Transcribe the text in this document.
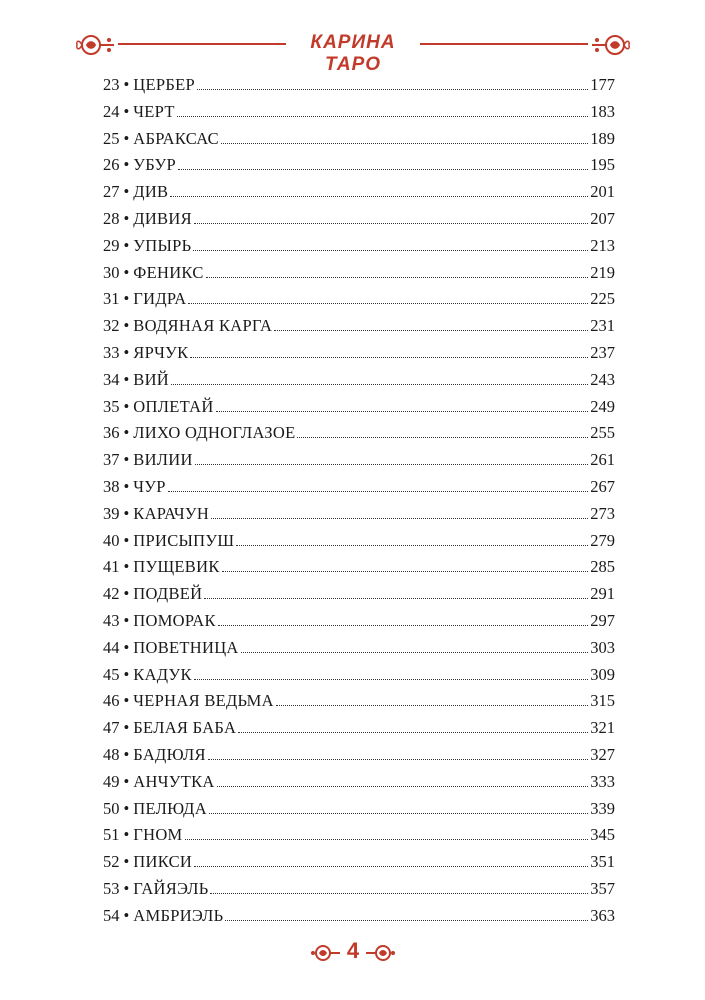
КАРИНА ТАРО
23 • ЦЕРБЕР	177
24 • ЧЕРТ	183
25 • АБРАКСАС	189
26 • УБУР	195
27 • ДИВ	201
28 • ДИВИЯ	207
29 • УПЫРЬ	213
30 • ФЕНИКС	219
31 • ГИДРА	225
32 • ВОДЯНАЯ КАРГА	231
33 • ЯРЧУК	237
34 • ВИЙ	243
35 • ОПЛЕТАЙ	249
36 • ЛИХО ОДНОГЛАЗОЕ	255
37 • ВИЛИИ	261
38 • ЧУР	267
39 • КАРАЧУН	273
40 • ПРИСЫПУШ	279
41 • ПУЩЕВИК	285
42 • ПОДВЕЙ	291
43 • ПОМОРАК	297
44 • ПОВЕТНИЦА	303
45 • КАДУК	309
46 • ЧЕРНАЯ ВЕДЬМА	315
47 • БЕЛАЯ БАБА	321
48 • БАДЮЛЯ	327
49 • АНЧУТКА	333
50 • ПЕЛЮДА	339
51 • ГНОМ	345
52 • ПИКСИ	351
53 • ГАЙЯЭЛЬ	357
54 • АМБРИЭЛЬ	363
4
